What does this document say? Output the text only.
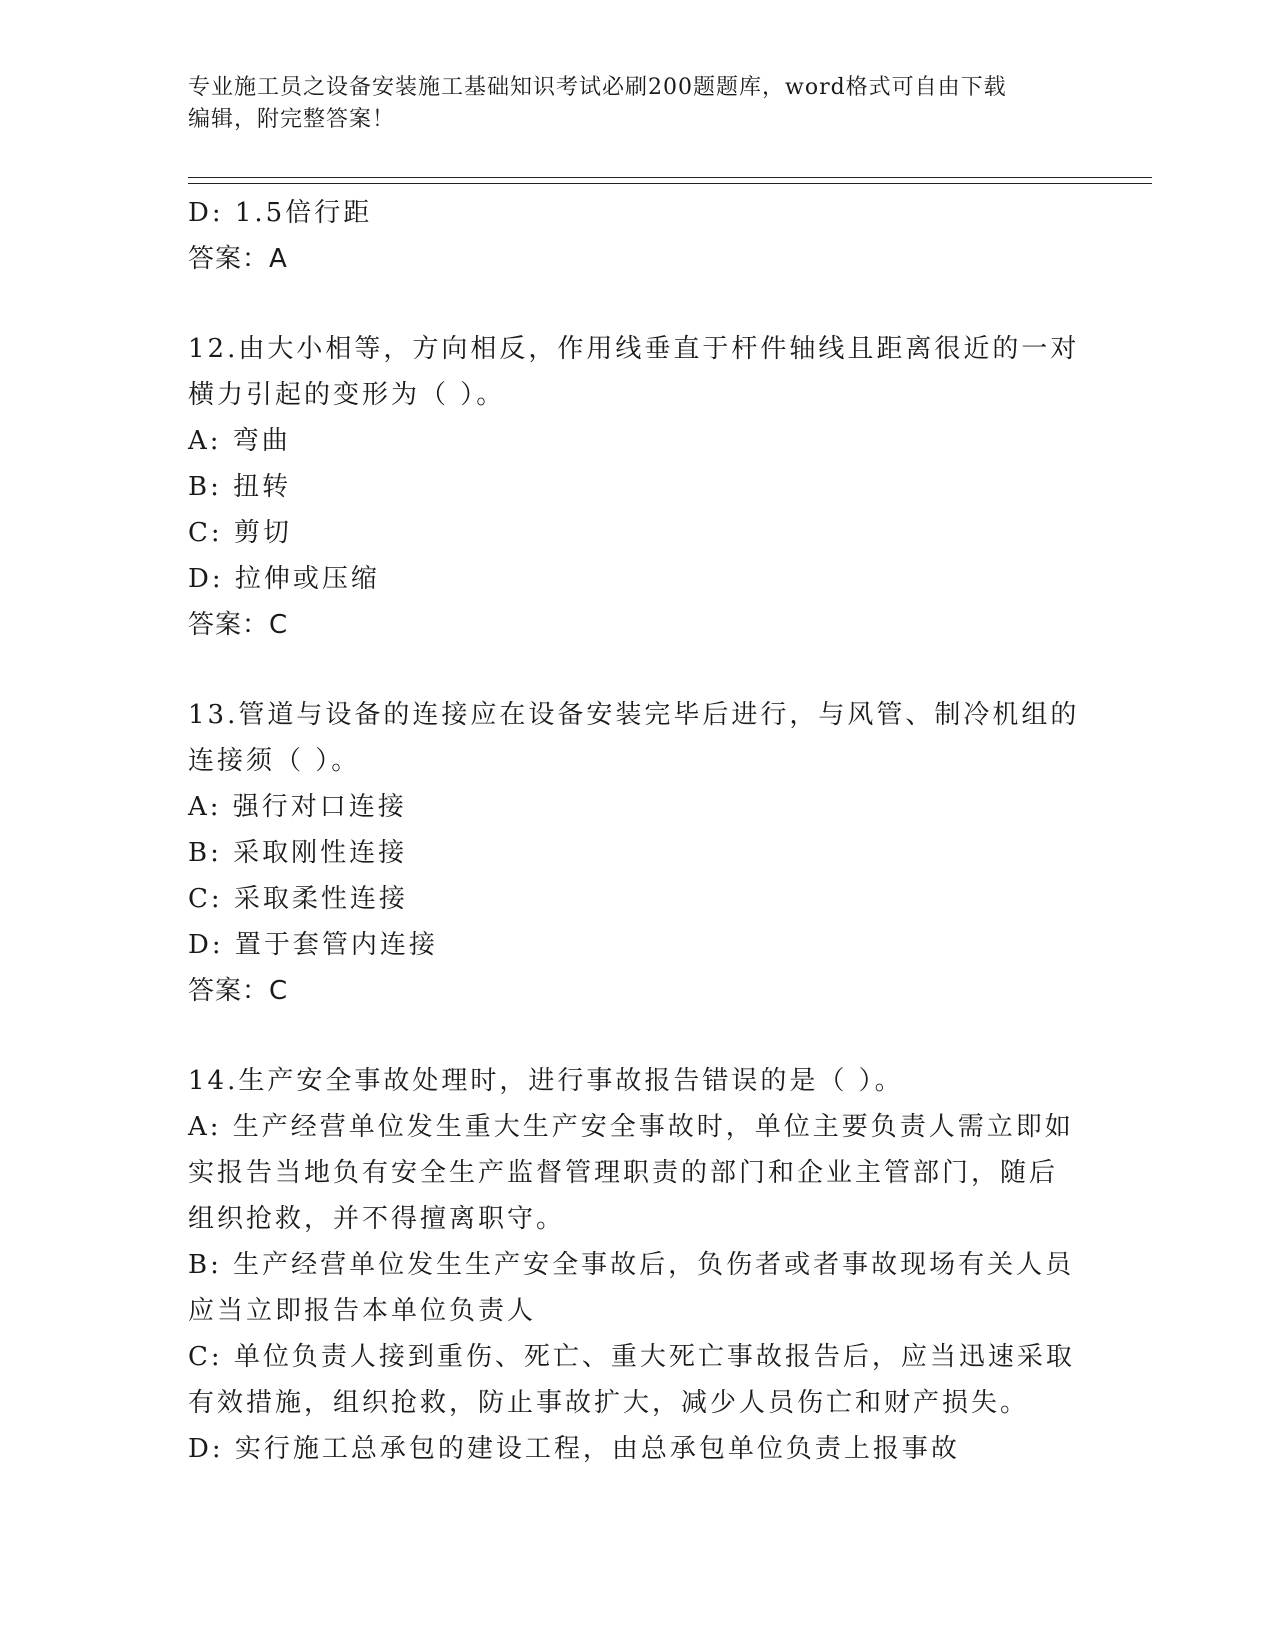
专业施工员之设备安装施工基础知识考试必刷200题题库，word格式可自由下载
编辑，附完整答案！
D: 1.5倍行距
答案：A
12.由大小相等，方向相反，作用线垂直于杆件轴线且距离很近的一对
横力引起的变形为（ ）。
A: 弯曲
B: 扭转
C: 剪切
D: 拉伸或压缩
答案：C
13.管道与设备的连接应在设备安装完毕后进行，与风管、制冷机组的
连接须（ ）。
A: 强行对口连接
B: 采取刚性连接
C: 采取柔性连接
D: 置于套管内连接
答案：C
14.生产安全事故处理时，进行事故报告错误的是（ ）。
A: 生产经营单位发生重大生产安全事故时，单位主要负责人需立即如
实报告当地负有安全生产监督管理职责的部门和企业主管部门，随后
组织抢救，并不得擅离职守。
B: 生产经营单位发生生产安全事故后，负伤者或者事故现场有关人员
应当立即报告本单位负责人
C: 单位负责人接到重伤、死亡、重大死亡事故报告后，应当迅速采取
有效措施，组织抢救，防止事故扩大，减少人员伤亡和财产损失。
D: 实行施工总承包的建设工程，由总承包单位负责上报事故
